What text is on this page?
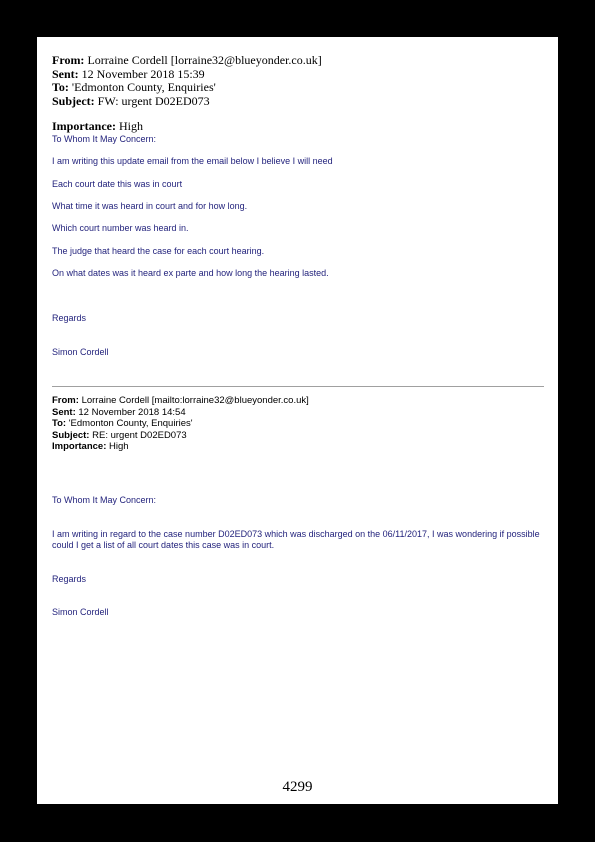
From: Lorraine Cordell [lorraine32@blueyonder.co.uk]
Sent: 12 November 2018 15:39
To: 'Edmonton County, Enquiries'
Subject: FW: urgent D02ED073
Importance: High

To Whom It May Concern:

I am writing this update email from the email below I believe I will need

Each court date this was in court

What time it was heard in court and for how long.

Which court number was heard in.

The judge that heard the case for each court hearing.

On what dates was it heard ex parte and how long the hearing lasted.

Regards

Simon Cordell

From: Lorraine Cordell [mailto:lorraine32@blueyonder.co.uk]
Sent: 12 November 2018 14:54
To: 'Edmonton County, Enquiries'
Subject: RE: urgent D02ED073
Importance: High

To Whom It May Concern:

I am writing in regard to the case number D02ED073 which was discharged on the 06/11/2017, I was wondering if possible could I get a list of all court dates this case was in court.

Regards

Simon Cordell

4299
